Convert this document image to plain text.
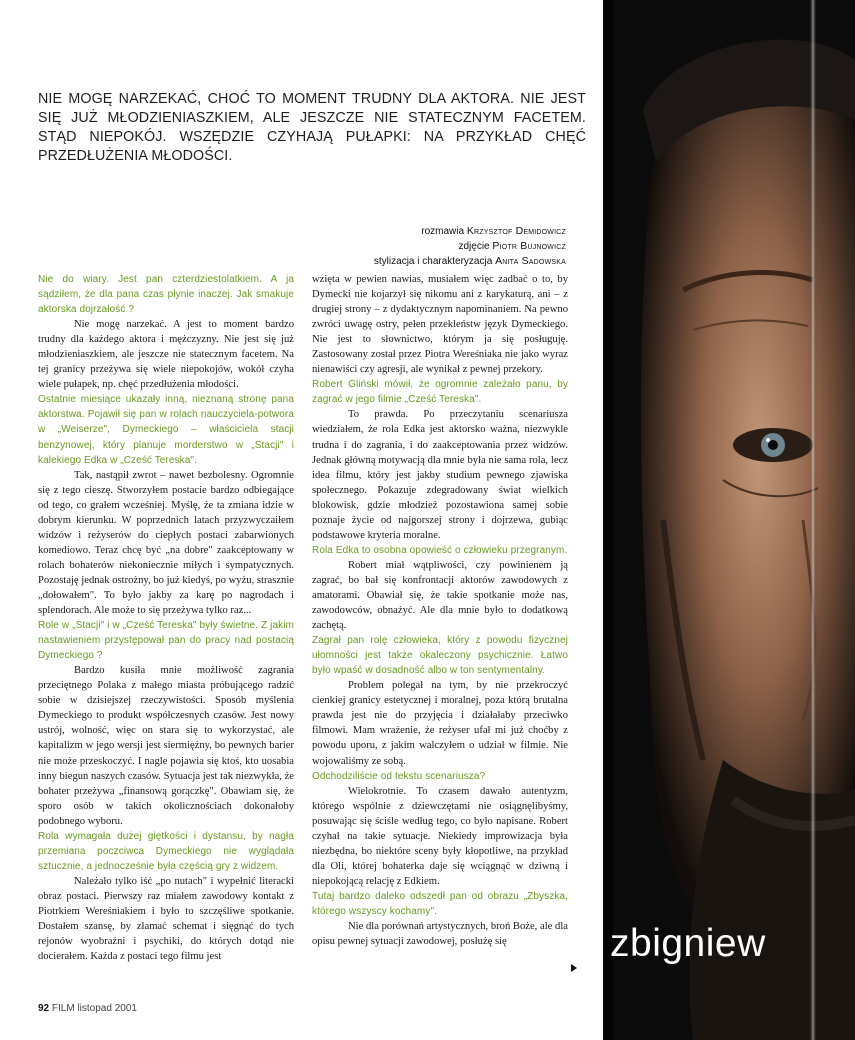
NIE MOGĘ NARZEKAĆ, CHOĆ TO MOMENT TRUDNY DLA AKTORA. NIE JEST SIĘ JUŻ MŁODZIENIASZKIEM, ALE JESZCZE NIE STATECZNYM FACETEM. STĄD NIEPOKÓJ. WSZĘDZIE CZYHAJĄ PUŁAPKI: NA PRZYKŁAD CHĘĆ PRZEDŁUŻENIA MŁODOŚCI.
rozmawia Krzysztof Demidowicz
zdjęcie Piotr Bujnowicz
stylizacja i charakteryzacja Anita Sadowska

Nie do wiary. Jest pan czterdziestolatkiem. A ja sądziłem, że dla pana czas płynie inaczej. Jak smakuje aktorska dojrzałość ?

Nie mogę narzekać. A jest to moment bardzo trudny dla każdego aktora i mężczyzny. Nie jest się już młodzieniaszkiem, ale jeszcze nie statecznym facetem. Na tej granicy przeżywa się wiele niepokojów, wokół czyha wiele pułapek, np. chęć przedłużenia młodości.

Ostatnie miesiące ukazały inną, nieznaną stronę pana aktorstwa. Pojawił się pan w rolach nauczyciela-potwora w „Weiserze", Dymeckiego – właściciela stacji benzynowej, który planuje morderstwo w „Stacji" i kalekiego Edka w „Cześć Tereska".

Tak, nastąpił zwrot – nawet bezbolesny. Ogromnie się z tego cieszę. Stworzyłem postacie bardzo odbiegające od tego, co grałem wcześniej. Myślę, że ta zmiana idzie w dobrym kierunku. W poprzednich latach przyzwyczaiłem widzów i reżyserów do ciepłych postaci zabarwionych komediowo. Teraz chcę być „na dobre" zaakceptowany w rolach bohaterów niekoniecznie miłych i sympatycznych. Pozostaję jednak ostrożny, bo już kiedyś, po wyżu, strasznie „dołowałem". To było jakby za karę po nagrodach i splendorach. Ale może to się przeżywa tylko raz...

Role w „Stacji" i w „Cześć Tereska" były świetne. Z jakim nastawieniem przystępował pan do pracy nad postacią Dymeckiego ?

Bardzo kusiła mnie możliwość zagrania przeciętnego Polaka z małego miasta próbującego radzić sobie w dzisiejszej rzeczywistości. Sposób myślenia Dymeckiego to produkt współczesnych czasów. Jest nowy ustrój, wolność, więc on stara się to wykorzystać, ale kapitalizm w jego wersji jest siermiężny, bo pewnych barier nie może przeskoczyć. I nagle pojawia się ktoś, kto uosabia inny biegun naszych czasów. Sytuacja jest tak niezwykła, że bohater przeżywa „finansową gorączkę". Obawiam się, że sporo osób w takich okolicznościach dokonałoby podobnego wyboru.

Rola wymagała dużej giętkości i dystansu, by nagła przemiana poczciwca Dymeckiego nie wyglądała sztucznie, a jednocześnie była częścią gry z widzem.

Należało tylko iść „po nutach" i wypełnić literacki obraz postaci. Pierwszy raz miałem zawodowy kontakt z Piotrkiem Wereśniakiem i było to szczęśliwe spotkanie. Dostałem szansę, by złamać schemat i sięgnąć do tych rejonów wyobraźni i psychiki, do których dotąd nie docierałem. Każda z postaci tego filmu jest

wzięta w pewien nawias, musiałem więc zadbać o to, by Dymecki nie kojarzył się nikomu ani z karykaturą, ani – z drugiej strony – z dydaktycznym napominaniem. Na pewno zwróci uwagę ostry, pełen przekleństw język Dymeckiego. Nie jest to słownictwo, którym ja się posługuję. Zastosowany został przez Piotra Wereśniaka nie jako wyraz nienawiści czy agresji, ale wynikał z pewnej przekory.

Robert Gliński mówił, że ogromnie zależało panu, by zagrać w jego filmie „Cześć Tereska".

To prawda. Po przeczytaniu scenariusza wiedziałem, że rola Edka jest aktorsko ważna, niezwykle trudna i do zagrania, i do zaakceptowania przez widzów. Jednak główną motywacją dla mnie była nie sama rola, lecz idea filmu, który jest jakby studium pewnego zjawiska społecznego. Pokazuje zdegradowany świat wielkich blokowisk, gdzie młodzież pozostawiona samej sobie poznaje życie od najgorszej strony i dojrzewa, gubiąc podstawowe kryteria moralne.

Rola Edka to osobna opowieść o człowieku przegranym.

Robert miał wątpliwości, czy powinienem ją zagrać, bo bał się konfrontacji aktorów zawodowych z amatorami. Obawiał się, że takie spotkanie może nas, zawodowców, obnażyć. Ale dla mnie było to dodatkową zachętą.

Zagrał pan rolę człowieka, który z powodu fizycznej ułomności jest także okaleczony psychicznie. Łatwo było wpaść w dosadność albo w ton sentymentalny.

Problem polegał na tym, by nie przekroczyć cienkiej granicy estetycznej i moralnej, poza którą brutalna prawda jest nie do przyjęcia i działałaby przeciwko filmowi. Mam wrażenie, że reżyser ufał mi już choćby z powodu uporu, z jakim walczyłem o udział w filmie. Nie wojowaliśmy ze sobą.

Odchodziliście od tekstu scenariusza?

Wielokrotnie. To czasem dawało autentyzm, którego wspólnie z dziewczętami nie osiągnęlibyśmy, posuwając się ściśle według tego, co było napisane. Robert czyhał na takie sytuacje. Niekiedy improwizacja była niezbędna, bo niektóre sceny były kłopotliwe, na przykład dla Oli, której bohaterka daje się wciągnąć w dziwną i niepokojącą relację z Edkiem.

Tutaj bardzo daleko odszedł pan od obrazu „Zbyszka, którego wszyscy kochamy".

Nie dla porównań artystycznych, broń Boże, ale dla opisu pewnej sytuacji zawodowej, posłużę się

92 FILM listopad 2001
zbigniew
